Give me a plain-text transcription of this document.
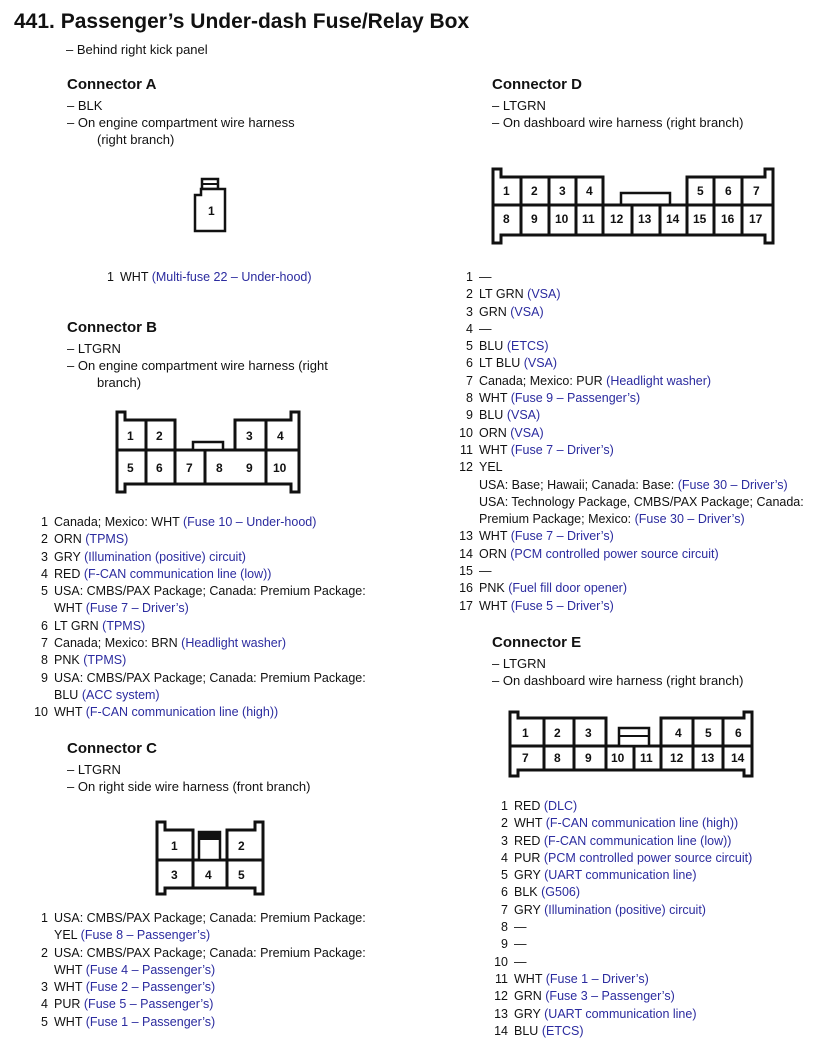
441. Passenger’s Under-dash Fuse/Relay Box
– Behind right kick panel
Connector A

– BLK
– On engine compartment wire harness

(right branch)

1
1 WHT (Multi-fuse 22 – Under-hood)
Connector B

– LTGRN
– On engine compartment wire harness (right

branch)

1 2	3 4
5 6 7 8 9 10
1 Canada; Mexico: WHT (Fuse 10 – Under-hood)
2 ORN (TPMS)
3 GRY (Illumination (positive) circuit)
4 RED (F-CAN communication line (low))
5 USA: CMBS/PAX Package; Canada: Premium Package:
WHT (Fuse 7 – Driver’s)
6 LT GRN (TPMS)
7 Canada; Mexico: BRN (Headlight washer)
8 PNK (TPMS)
9 USA: CMBS/PAX Package; Canada: Premium Package:
BLU (ACC system)
10 WHT (F-CAN communication line (high))
Connector C

– LTGRN
– On right side wire harness (front branch)

1	2
3 4 5
1 USA: CMBS/PAX Package; Canada: Premium Package:
YEL (Fuse 8 – Passenger’s)
2 USA: CMBS/PAX Package; Canada: Premium Package:
WHT (Fuse 4 – Passenger’s)
3 WHT (Fuse 2 – Passenger’s)
4 PUR (Fuse 5 – Passenger’s)
5 WHT (Fuse 1 – Passenger’s)
Connector D

– LTGRN
– On dashboard wire harness (right branch)

1 2 3 4	5 6 7
8 9 10 11 12 13 14 15 16 17
1 —
2 LT GRN (VSA)
3 GRN (VSA)
4 —
5 BLU (ETCS)
6 LT BLU (VSA)
7 Canada; Mexico: PUR (Headlight washer)
8 WHT (Fuse 9 – Passenger’s)
9 BLU (VSA)
10 ORN (VSA)
11 WHT (Fuse 7 – Driver’s)
12 YEL
USA: Base; Hawaii; Canada: Base: (Fuse 30 – Driver’s)
USA: Technology Package, CMBS/PAX Package; Canada:
Premium Package; Mexico: (Fuse 30 – Driver’s)
13 WHT (Fuse 7 – Driver’s)
14 ORN (PCM controlled power source circuit)
15 —
16 PNK (Fuel fill door opener)
17 WHT (Fuse 5 – Driver’s)
Connector E

– LTGRN
– On dashboard wire harness (right branch)

1 2 3	4 5 6
7 8 9 10 11 12 13 14
1 RED (DLC)
2 WHT (F-CAN communication line (high))
3 RED (F-CAN communication line (low))
4 PUR (PCM controlled power source circuit)
5 GRY (UART communication line)
6 BLK (G506)
7 GRY (Illumination (positive) circuit)
8 —
9 —
10 —
11 WHT (Fuse 1 – Driver’s)
12 GRN (Fuse 3 – Passenger’s)
13 GRY (UART communication line)
14 BLU (ETCS)
